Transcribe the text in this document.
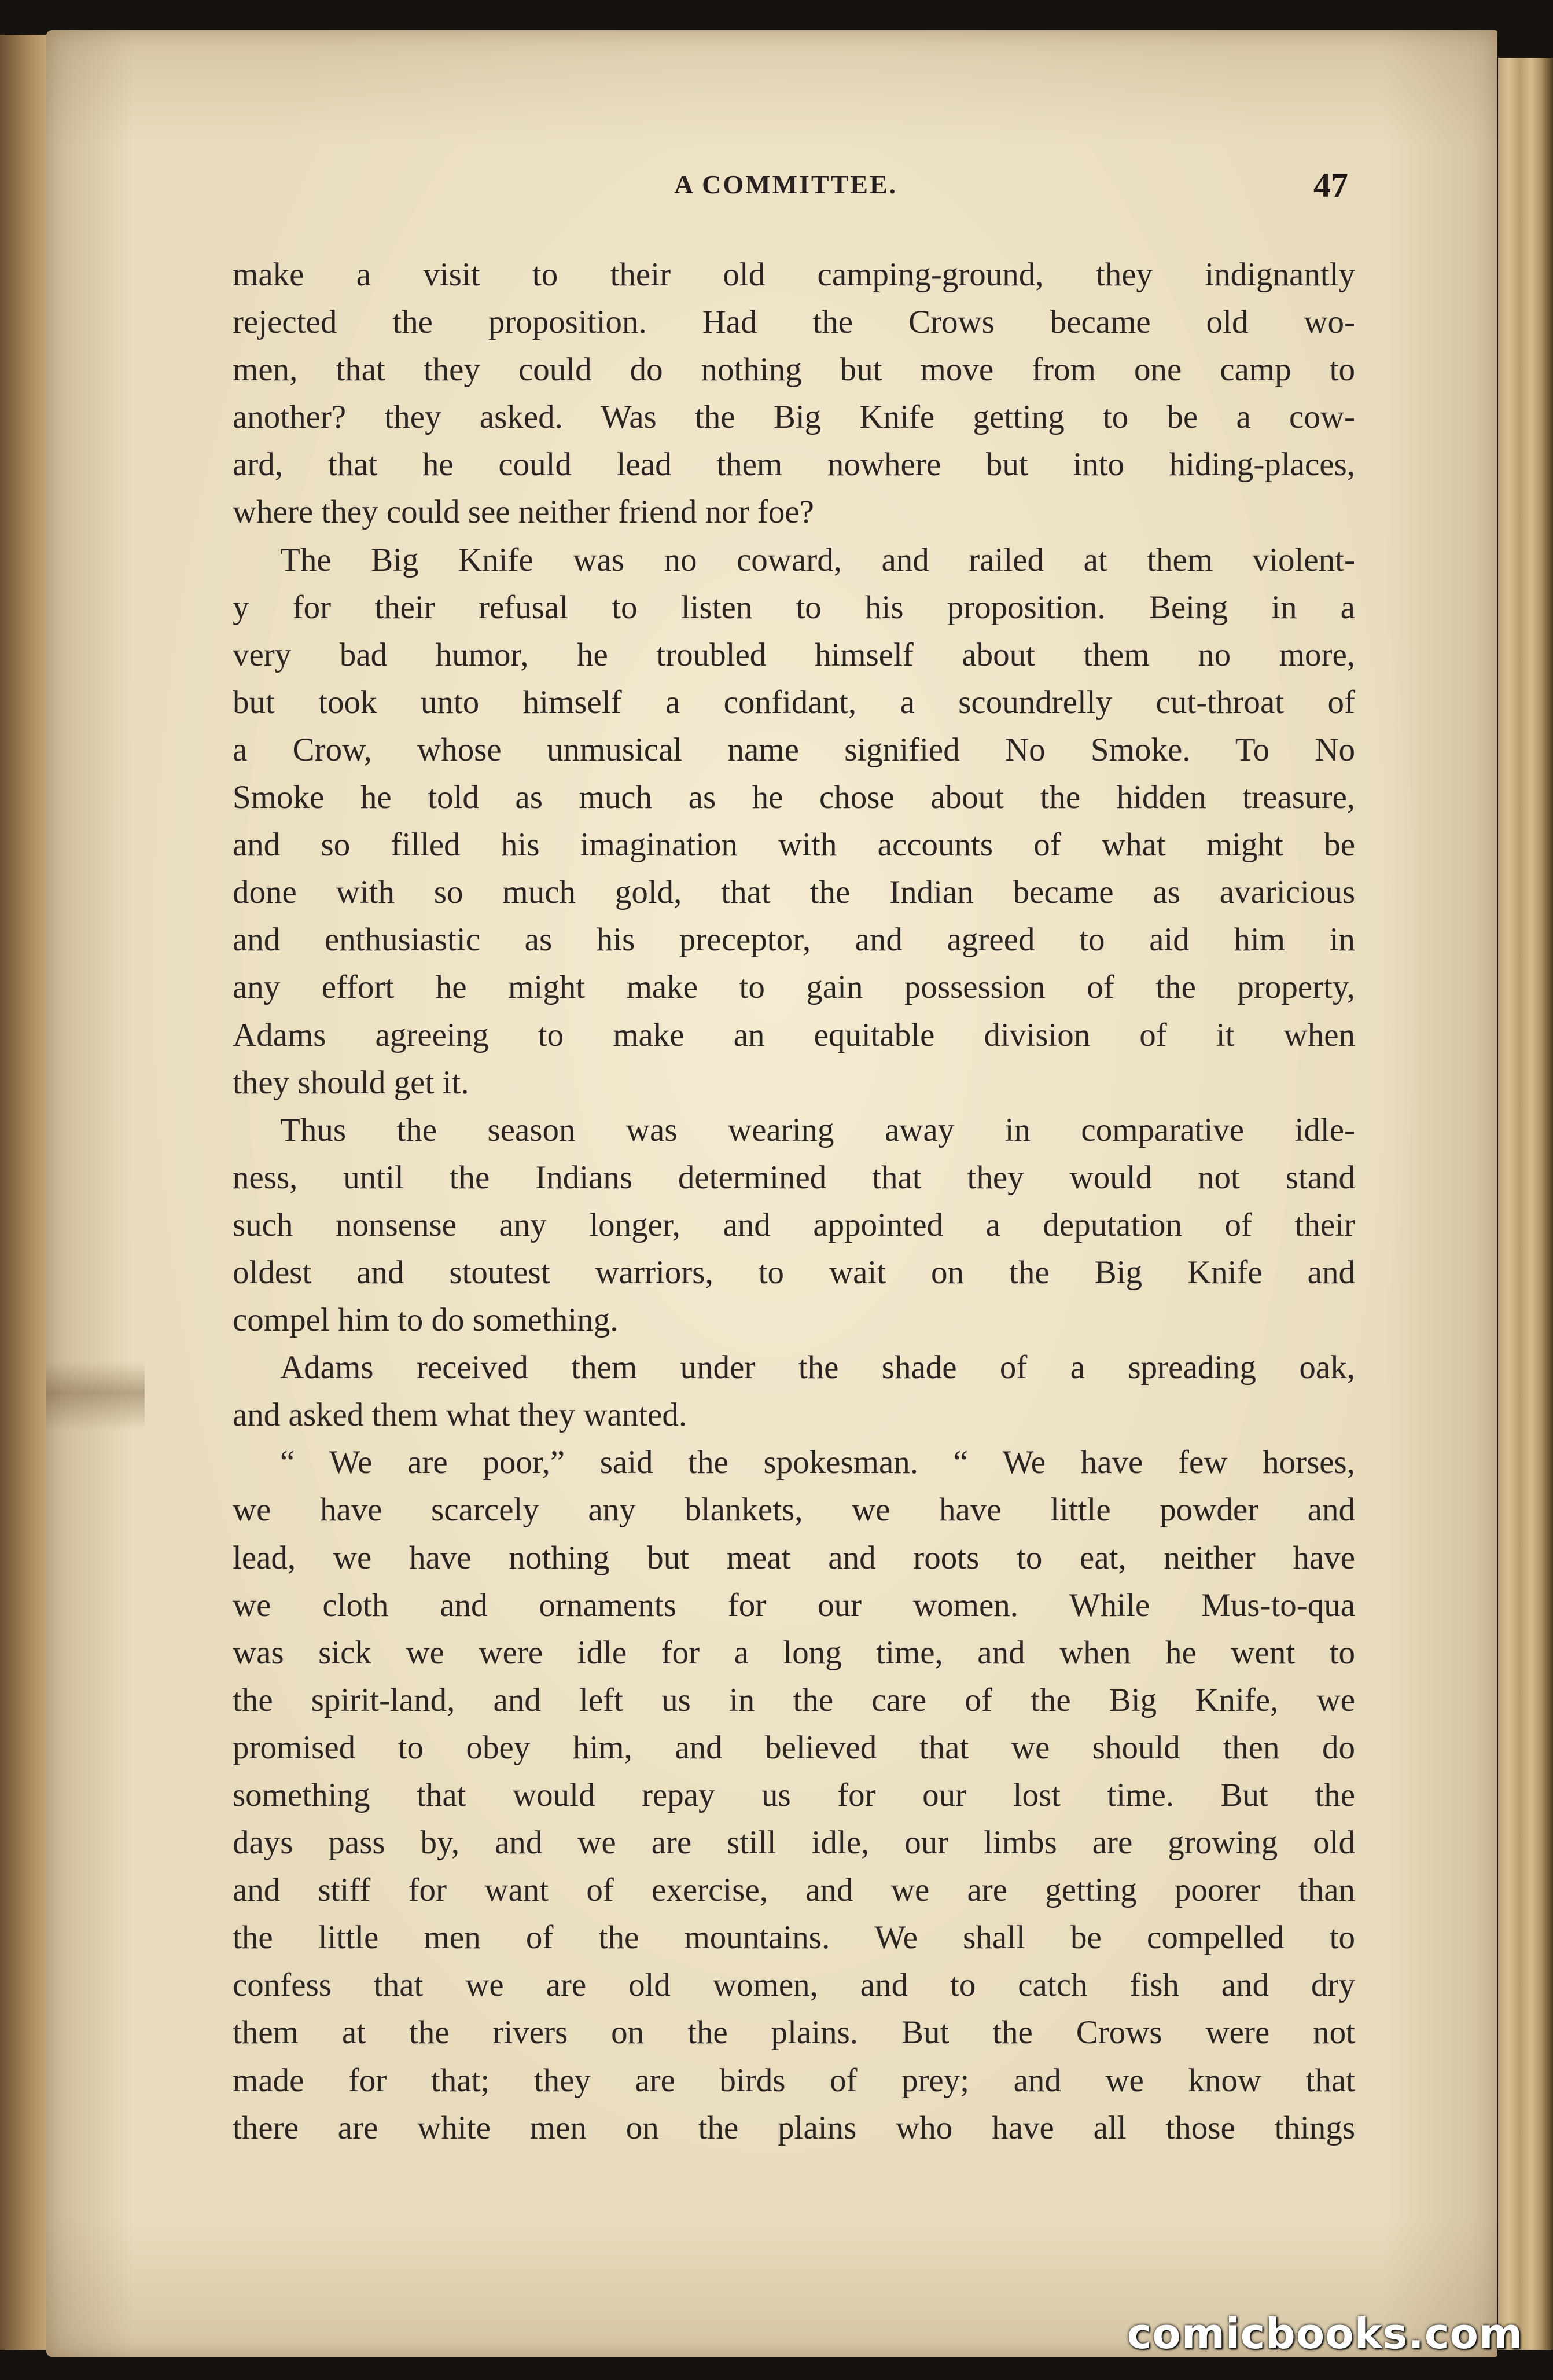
A COMMITTEE.	47
make a visit to their old camping-ground, they indignantly
rejected the proposition. Had the Crows became old wo-
men, that they could do nothing but move from one camp to
another? they asked. Was the Big Knife getting to be a cow-
ard, that he could lead them nowhere but into hiding-places,
where they could see neither friend nor foe?
The Big Knife was no coward, and railed at them violent-
y for their refusal to listen to his proposition. Being in a
very bad humor, he troubled himself about them no more,
but took unto himself a confidant, a scoundrelly cut-throat of
a Crow, whose unmusical name signified No Smoke. To No
Smoke he told as much as he chose about the hidden treasure,
and so filled his imagination with accounts of what might be
done with so much gold, that the Indian became as avaricious
and enthusiastic as his preceptor, and agreed to aid him in
any effort he might make to gain possession of the property,
Adams agreeing to make an equitable division of it when
they should get it.
Thus the season was wearing away in comparative idle-
ness, until the Indians determined that they would not stand
such nonsense any longer, and appointed a deputation of their
oldest and stoutest warriors, to wait on the Big Knife and
compel him to do something.
Adams received them under the shade of a spreading oak,
and asked them what they wanted.
“ We are poor,” said the spokesman. “ We have few horses,
we have scarcely any blankets, we have little powder and
lead, we have nothing but meat and roots to eat, neither have
we cloth and ornaments for our women. While Mus-to-qua
was sick we were idle for a long time, and when he went to
the spirit-land, and left us in the care of the Big Knife, we
promised to obey him, and believed that we should then do
something that would repay us for our lost time. But the
days pass by, and we are still idle, our limbs are growing old
and stiff for want of exercise, and we are getting poorer than
the little men of the mountains. We shall be compelled to
confess that we are old women, and to catch fish and dry
them at the rivers on the plains. But the Crows were not
made for that; they are birds of prey; and we know that
there are white men on the plains who have all those things
comicbooks.com
